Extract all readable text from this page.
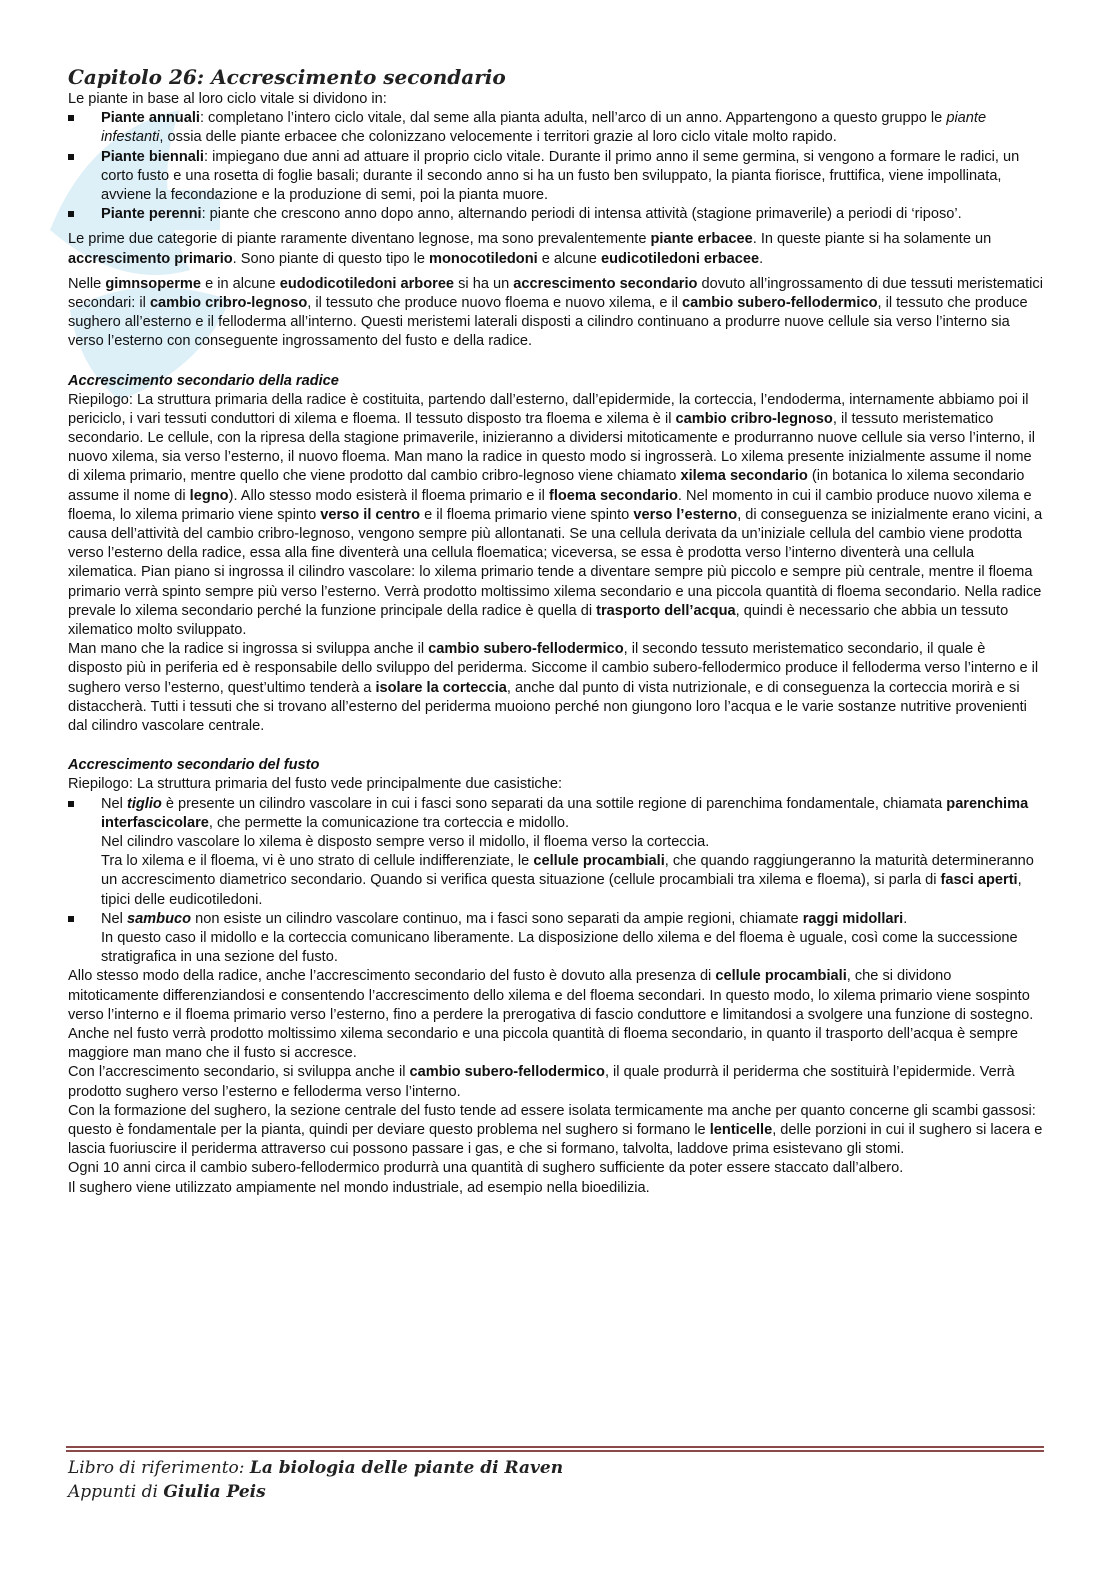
Capitolo 26: Accrescimento secondario

Le piante in base al loro ciclo vitale si dividono in:

Piante annuali: completano l’intero ciclo vitale, dal seme alla pianta adulta, nell’arco di un anno. Appartengono a questo gruppo le piante infestanti, ossia delle piante erbacee che colonizzano velocemente i territori grazie al loro ciclo vitale molto rapido.
Piante biennali: impiegano due anni ad attuare il proprio ciclo vitale. Durante il primo anno il seme germina, si vengono a formare le radici, un corto fusto e una rosetta di foglie basali; durante il secondo anno si ha un fusto ben sviluppato, la pianta fiorisce, fruttifica, viene impollinata, avviene la fecondazione e la produzione di semi, poi la pianta muore.
Piante perenni: piante che crescono anno dopo anno, alternando periodi di intensa attività (stagione primaverile) a periodi di ‘riposo’.

Le prime due categorie di piante raramente diventano legnose, ma sono prevalentemente piante erbacee. In queste piante si ha solamente un accrescimento primario. Sono piante di questo tipo le monocotiledoni e alcune eudicotiledoni erbacee.

Nelle gimnsoperme e in alcune eudodicotiledoni arboree si ha un accrescimento secondario dovuto all’ingrossamento di due tessuti meristematici secondari: il cambio cribro-legnoso, il tessuto che produce nuovo floema e nuovo xilema, e il cambio subero-fellodermico, il tessuto che produce sughero all’esterno e il felloderma all’interno. Questi meristemi laterali disposti a cilindro continuano a produrre nuove cellule sia verso l’interno sia verso l’esterno con conseguente ingrossamento del fusto e della radice.

Accrescimento secondario della radice

Riepilogo: La struttura primaria della radice è costituita, partendo dall’esterno, dall’epidermide, la corteccia, l’endoderma, internamente abbiamo poi il periciclo, i vari tessuti conduttori di xilema e floema. Il tessuto disposto tra floema e xilema è il cambio cribro-legnoso, il tessuto meristematico secondario. Le cellule, con la ripresa della stagione primaverile, inizieranno a dividersi mitoticamente e produrranno nuove cellule sia verso l’interno, il nuovo xilema, sia verso l’esterno, il nuovo floema. Man mano la radice in questo modo si ingrosserà. Lo xilema presente inizialmente assume il nome di xilema primario, mentre quello che viene prodotto dal cambio cribro-legnoso viene chiamato xilema secondario (in botanica lo xilema secondario assume il nome di legno). Allo stesso modo esisterà il floema primario e il floema secondario. Nel momento in cui il cambio produce nuovo xilema e floema, lo xilema primario viene spinto verso il centro e il floema primario viene spinto verso l’esterno, di conseguenza se inizialmente erano vicini, a causa dell’attività del cambio cribro-legnoso, vengono sempre più allontanati. Se una cellula derivata da un’iniziale cellula del cambio viene prodotta verso l’esterno della radice, essa alla fine diventerà una cellula floematica; viceversa, se essa è prodotta verso l’interno diventerà una cellula xilematica. Pian piano si ingrossa il cilindro vascolare: lo xilema primario tende a diventare sempre più piccolo e sempre più centrale, mentre il floema primario verrà spinto sempre più verso l’esterno. Verrà prodotto moltissimo xilema secondario e una piccola quantità di floema secondario. Nella radice prevale lo xilema secondario perché la funzione principale della radice è quella di trasporto dell’acqua, quindi è necessario che abbia un tessuto xilematico molto sviluppato.

Man mano che la radice si ingrossa si sviluppa anche il cambio subero-fellodermico, il secondo tessuto meristematico secondario, il quale è disposto più in periferia ed è responsabile dello sviluppo del periderma. Siccome il cambio subero-fellodermico produce il felloderma verso l’interno e il sughero verso l’esterno, quest’ultimo tenderà a isolare la corteccia, anche dal punto di vista nutrizionale, e di conseguenza la corteccia morirà e si distaccherà. Tutti i tessuti che si trovano all’esterno del periderma muoiono perché non giungono loro l’acqua e le varie sostanze nutritive provenienti dal cilindro vascolare centrale.

Accrescimento secondario del fusto

Riepilogo: La struttura primaria del fusto vede principalmente due casistiche:

Nel tiglio è presente un cilindro vascolare in cui i fasci sono separati da una sottile regione di parenchima fondamentale, chiamata parenchima interfascicolare, che permette la comunicazione tra corteccia e midollo.
Nel cilindro vascolare lo xilema è disposto sempre verso il midollo, il floema verso la corteccia.
Tra lo xilema e il floema, vi è uno strato di cellule indifferenziate, le cellule procambiali, che quando raggiungeranno la maturità determineranno un accrescimento diametrico secondario. Quando si verifica questa situazione (cellule procambiali tra xilema e floema), si parla di fasci aperti, tipici delle eudicotiledoni.
Nel sambuco non esiste un cilindro vascolare continuo, ma i fasci sono separati da ampie regioni, chiamate raggi midollari.
In questo caso il midollo e la corteccia comunicano liberamente. La disposizione dello xilema e del floema è uguale, così come la successione stratigrafica in una sezione del fusto.

Allo stesso modo della radice, anche l’accrescimento secondario del fusto è dovuto alla presenza di cellule procambiali, che si dividono mitoticamente differenziandosi e consentendo l’accrescimento dello xilema e del floema secondari. In questo modo, lo xilema primario viene sospinto verso l’interno e il floema primario verso l’esterno, fino a perdere la prerogativa di fascio conduttore e limitandosi a svolgere una funzione di sostegno. Anche nel fusto verrà prodotto moltissimo xilema secondario e una piccola quantità di floema secondario, in quanto il trasporto dell’acqua è sempre maggiore man mano che il fusto si accresce.

Con l’accrescimento secondario, si sviluppa anche il cambio subero-fellodermico, il quale produrrà il periderma che sostituirà l’epidermide. Verrà prodotto sughero verso l’esterno e felloderma verso l’interno.

Con la formazione del sughero, la sezione centrale del fusto tende ad essere isolata termicamente ma anche per quanto concerne gli scambi gassosi: questo è fondamentale per la pianta, quindi per deviare questo problema nel sughero si formano le lenticelle, delle porzioni in cui il sughero si lacera e lascia fuoriuscire il periderma attraverso cui possono passare i gas, e che si formano, talvolta, laddove prima esistevano gli stomi.

Ogni 10 anni circa il cambio subero-fellodermico produrrà una quantità di sughero sufficiente da poter essere staccato dall’albero.

Il sughero viene utilizzato ampiamente nel mondo industriale, ad esempio nella bioedilizia.

Libro di riferimento: La biologia delle piante di Raven
Appunti di Giulia Peis
